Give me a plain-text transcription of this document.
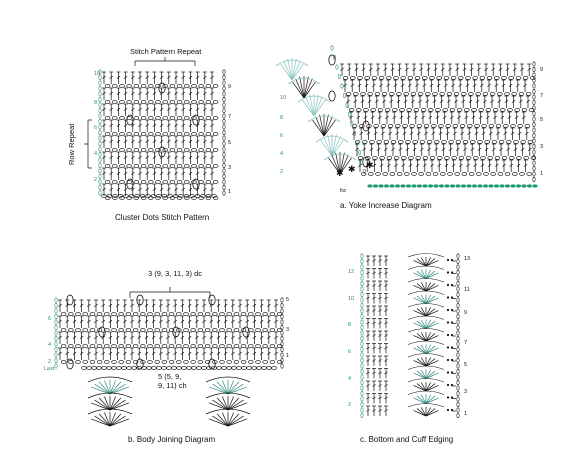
Stitch Pattern Repeat
Row Repeat
Cluster Dots Stitch Pattern
9
7
5
3
1
10
8
6
4
2
✱ ✱ ✱
a. Yoke Increase Diagram
fsc
9
7
5
3
1
10
8
6
4
2
3 (9, 3, 11, 3) dc
5 (5, 9,
9, 11) ch
Last
b. Body Joining Diagram
5
3
1
6
4
2
c. Bottom and Cuff Edging
13
11
9
7
5
3
1
12
10
8
6
4
2
